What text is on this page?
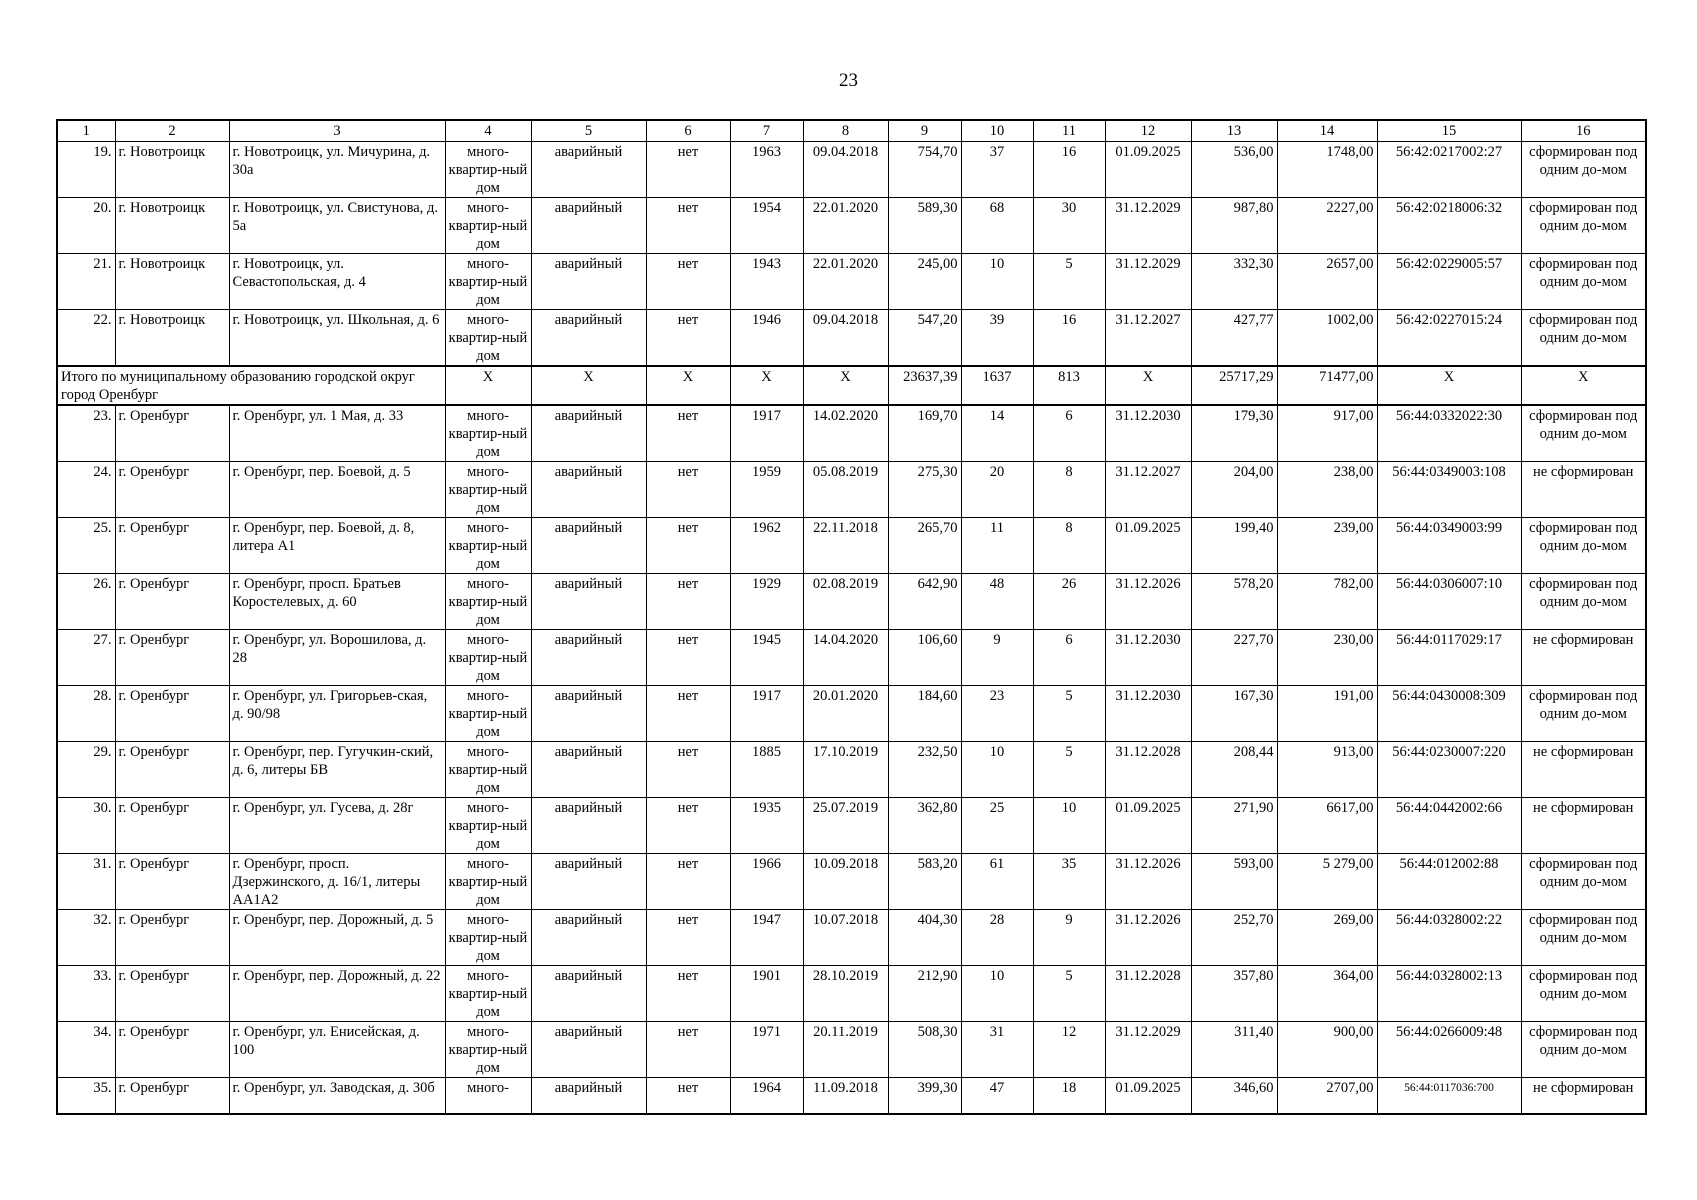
23
1	2	3	4	5	6	7	8	9	10	11	12	13	14	15	16
19.	г. Новотроицк	г. Новотроицк, ул. Мичурина, д. 30а	много-квартир-ный дом	аварийный	нет	1963	09.04.2018	754,70	37	16	01.09.2025	536,00	1748,00	56:42:0217002:27	сформирован под одним до-мом
20.	г. Новотроицк	г. Новотроицк, ул. Свистунова, д. 5а	много-квартир-ный дом	аварийный	нет	1954	22.01.2020	589,30	68	30	31.12.2029	987,80	2227,00	56:42:0218006:32	сформирован под одним до-мом
21.	г. Новотроицк	г. Новотроицк, ул. Севастопольская, д. 4	много-квартир-ный дом	аварийный	нет	1943	22.01.2020	245,00	10	5	31.12.2029	332,30	2657,00	56:42:0229005:57	сформирован под одним до-мом
22.	г. Новотроицк	г. Новотроицк, ул. Школьная, д. 6	много-квартир-ный дом	аварийный	нет	1946	09.04.2018	547,20	39	16	31.12.2027	427,77	1002,00	56:42:0227015:24	сформирован под одним до-мом
Итого по муниципальному образованию городской округ город Оренбург			X	X	X	X	X	23637,39	1637	813	X	25717,29	71477,00	X	X
23.	г. Оренбург	г. Оренбург, ул. 1 Мая, д. 33	много-квартир-ный дом	аварийный	нет	1917	14.02.2020	169,70	14	6	31.12.2030	179,30	917,00	56:44:0332022:30	сформирован под одним до-мом
24.	г. Оренбург	г. Оренбург, пер. Боевой, д. 5	много-квартир-ный дом	аварийный	нет	1959	05.08.2019	275,30	20	8	31.12.2027	204,00	238,00	56:44:0349003:108	не сформирован
25.	г. Оренбург	г. Оренбург, пер. Боевой, д. 8, литера А1	много-квартир-ный дом	аварийный	нет	1962	22.11.2018	265,70	11	8	01.09.2025	199,40	239,00	56:44:0349003:99	сформирован под одним до-мом
26.	г. Оренбург	г. Оренбург, просп. Братьев Коростелевых, д. 60	много-квартир-ный дом	аварийный	нет	1929	02.08.2019	642,90	48	26	31.12.2026	578,20	782,00	56:44:0306007:10	сформирован под одним до-мом
27.	г. Оренбург	г. Оренбург, ул. Ворошилова, д. 28	много-квартир-ный дом	аварийный	нет	1945	14.04.2020	106,60	9	6	31.12.2030	227,70	230,00	56:44:0117029:17	не сформирован
28.	г. Оренбург	г. Оренбург, ул. Григорьев-ская, д. 90/98	много-квартир-ный дом	аварийный	нет	1917	20.01.2020	184,60	23	5	31.12.2030	167,30	191,00	56:44:0430008:309	сформирован под одним до-мом
29.	г. Оренбург	г. Оренбург, пер. Гугучкин-ский, д. 6, литеры БВ	много-квартир-ный дом	аварийный	нет	1885	17.10.2019	232,50	10	5	31.12.2028	208,44	913,00	56:44:0230007:220	не сформирован
30.	г. Оренбург	г. Оренбург, ул. Гусева, д. 28г	много-квартир-ный дом	аварийный	нет	1935	25.07.2019	362,80	25	10	01.09.2025	271,90	6617,00	56:44:0442002:66	не сформирован
31.	г. Оренбург	г. Оренбург, просп. Дзержинского, д. 16/1, литеры АА1А2	много-квартир-ный дом	аварийный	нет	1966	10.09.2018	583,20	61	35	31.12.2026	593,00	5 279,00	56:44:012002:88	сформирован под одним до-мом
32.	г. Оренбург	г. Оренбург, пер. Дорожный, д. 5	много-квартир-ный дом	аварийный	нет	1947	10.07.2018	404,30	28	9	31.12.2026	252,70	269,00	56:44:0328002:22	сформирован под одним до-мом
33.	г. Оренбург	г. Оренбург, пер. Дорожный, д. 22	много-квартир-ный дом	аварийный	нет	1901	28.10.2019	212,90	10	5	31.12.2028	357,80	364,00	56:44:0328002:13	сформирован под одним до-мом
34.	г. Оренбург	г. Оренбург, ул. Енисейская, д. 100	много-квартир-ный дом	аварийный	нет	1971	20.11.2019	508,30	31	12	31.12.2029	311,40	900,00	56:44:0266009:48	сформирован под одним до-мом
35.	г. Оренбург	г. Оренбург, ул. Заводская, д. 30б	много-	аварийный	нет	1964	11.09.2018	399,30	47	18	01.09.2025	346,60	2707,00	56:44:0117036:700	не сформирован
